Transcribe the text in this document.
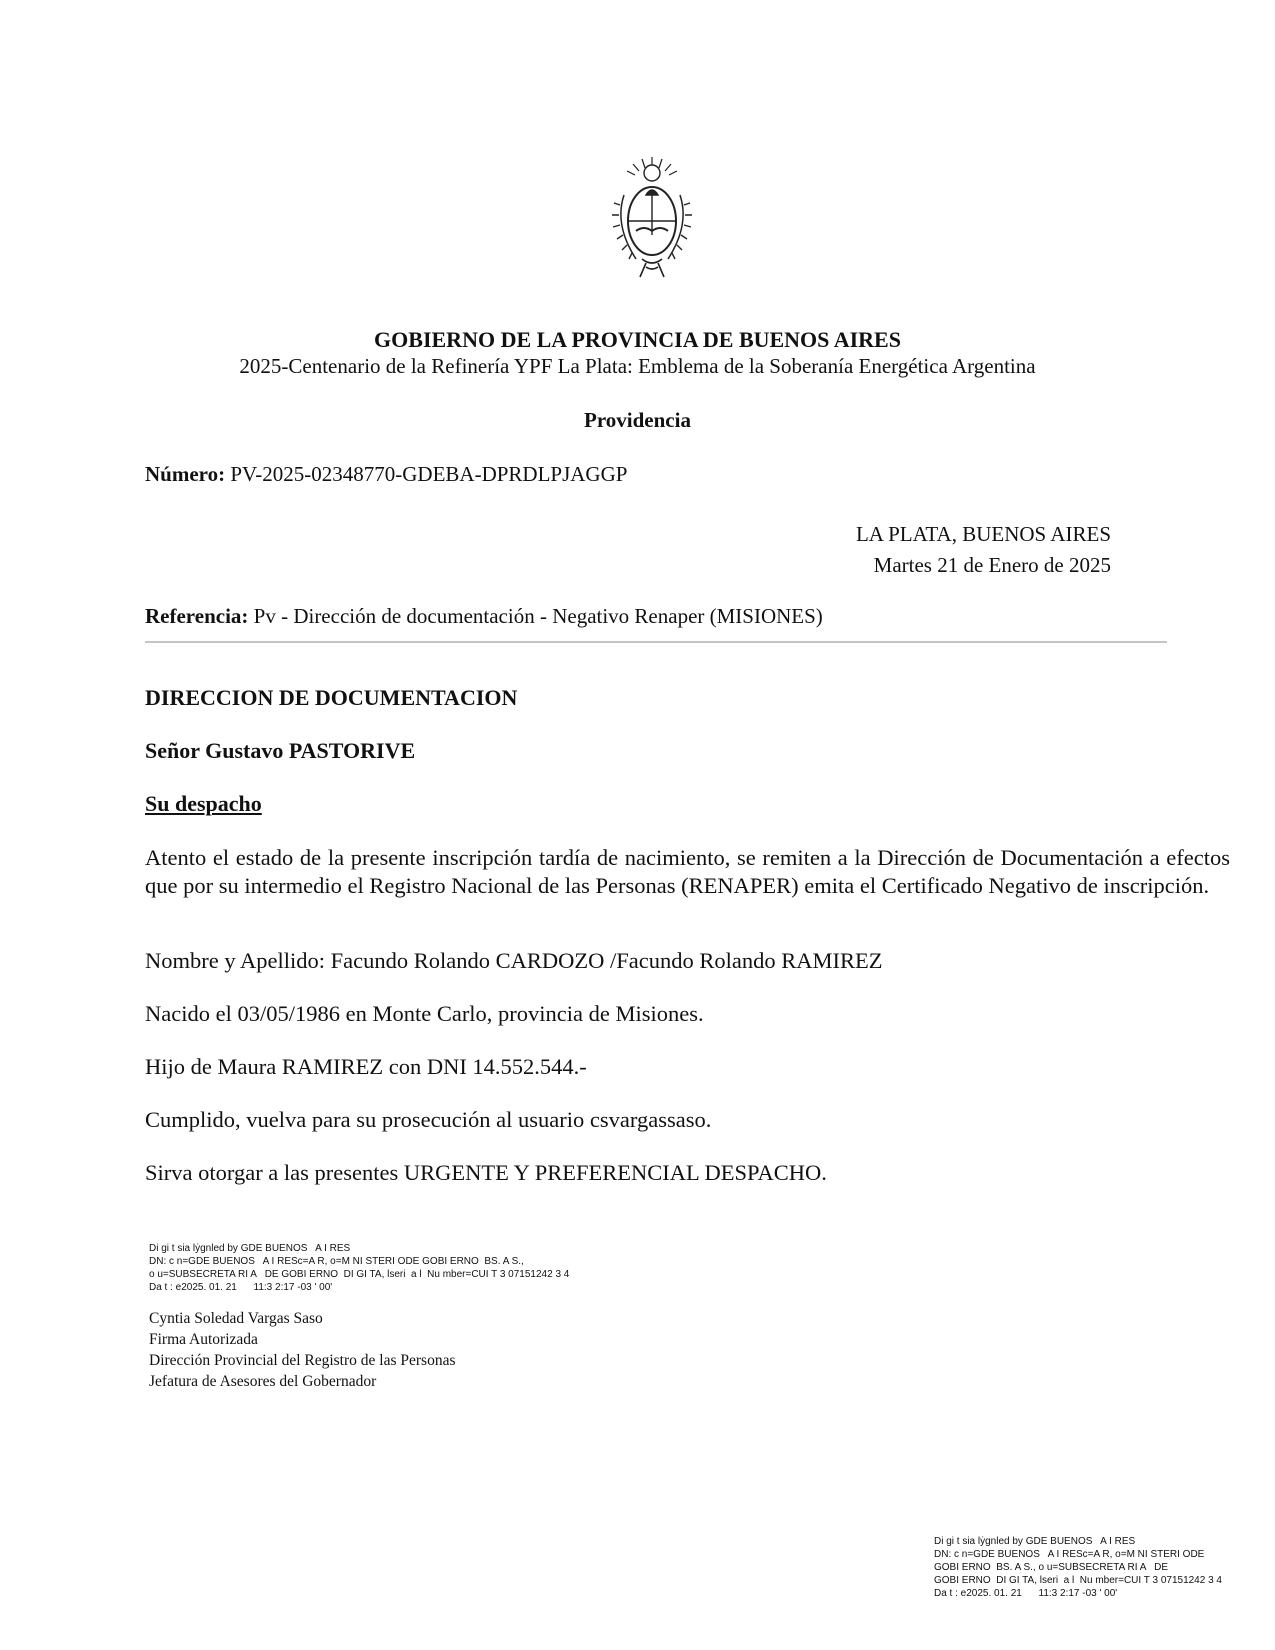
GOBIERNO DE LA PROVINCIA DE BUENOS AIRES
2025-Centenario de la Refinería YPF La Plata: Emblema de la Soberanía Energética Argentina
Providencia
Número: PV-2025-02348770-GDEBA-DPRDLPJAGGP
LA PLATA, BUENOS AIRES
Martes 21 de Enero de 2025
Referencia: Pv - Dirección de documentación - Negativo Renaper (MISIONES)
DIRECCION DE DOCUMENTACION
Señor Gustavo PASTORIVE
Su despacho
Atento el estado de la presente inscripción tardía de nacimiento, se remiten a la Dirección de Documentación a efectos que por su intermedio el Registro Nacional de las Personas (RENAPER) emita el Certificado Negativo de inscripción.
Nombre y Apellido: Facundo Rolando CARDOZO /Facundo Rolando RAMIREZ
Nacido el 03/05/1986 en Monte Carlo, provincia de Misiones.
Hijo de Maura RAMIREZ con DNI 14.552.544.-
Cumplido, vuelva para su prosecución al usuario csvargassaso.
Sirva otorgar a las presentes URGENTE Y PREFERENCIAL DESPACHO.
Di gi t sia lẏgnled by GDE BUENOS   A I RES
DN: c n=GDE BUENOS   A I RESc=A R, o=M NI STERI ODE GOBI ERNO  BS. A S.,
o u=SUBSECRETA RI A   DE GOBI ERNO  DI GI TA, lseri  a l  Nu mber=CUI T 3 07151242 3 4
Da t : e2025. 01. 21      11:3 2:17 -03 ' 00'
Cyntia Soledad Vargas Saso
Firma Autorizada
Dirección Provincial del Registro de las Personas
Jefatura de Asesores del Gobernador
Di gi t sia lẏgnled by GDE BUENOS   A I RES
DN: c n=GDE BUENOS   A I RESc=A R, o=M NI STERI ODE
GOBI ERNO  BS. A S., o u=SUBSECRETA RI A   DE
GOBI ERNO  DI GI TA, lseri  a l  Nu mber=CUI T 3 07151242 3 4
Da t : e2025. 01. 21      11:3 2:17 -03 ' 00'
